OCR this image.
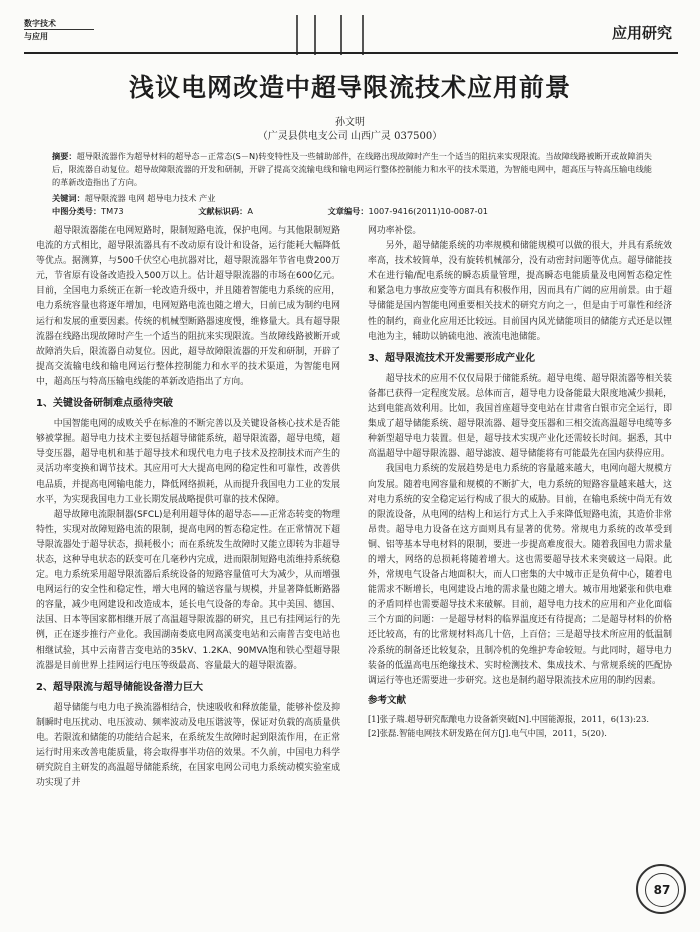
数字技术
与应用	应用研究
浅议电网改造中超导限流技术应用前景
孙文明
（广灵县供电支公司 山西广灵 037500）
摘要：超导限流器作为超导材料的超导态－正常态(S－N)转变特性及一些辅助部件，在线路出现故障时产生一个适当的阻抗来实现限流。当故障线路被断开或故障消失后，限流器自动复位。超导故障限流器的开发和研制，开辟了提高交流输电线和输电网运行整体控制能力和水平的技术渠道，为智能电网中，超高压与特高压输电线能的革新改造指出了方向。
关键词：超导限流器 电网 超导电力技术 产业
中图分类号：TM73	文献标识码：A	文章编号：1007-9416(2011)10-0087-01

超导限流器能在电网短路时，限制短路电流，保护电网。与其他限制短路电流的方式相比，超导限流器具有不改动原有设计和设备，运行能耗大幅降低等优点。据测算，与500千伏空心电抗器对比，超导限流器年节省电费200万元，节省原有设备改造投入500万以上。估计超导限流器的市场在600亿元。目前，全国电力系统正在新一轮改造升级中，并且随着智能电力系统的应用，电力系统容量也将逐年增加，电网短路电流也随之增大，日前已成为制约电网运行和发展的重要因素。传统的机械型断路器速度慢，维修量大。具有超导限流器在线路出现故障时产生一个适当的阻抗来实现限流。当故障线路被断开或故障消失后，限流器自动复位。因此，超导故障限流器的开发和研制，开辟了提高交流输电线和输电网运行整体控制能力和水平的技术渠道，为智能电网中，超高压与特高压输电线能的革新改造指出了方向。

1、关键设备研制难点亟待突破

中国智能电网的成败关乎在标准的不断完善以及关键设备核心技术是否能够被掌握。超导电力技术主要包括超导储能系统，超导限流器，超导电缆，超导变压器，超导电机和基于超导技术和现代电力电子技术及控制技术而产生的灵活功率变换和调节技术。其应用可大大提高电网的稳定性和可靠性，改善供电品质，并提高电网输电能力，降低网络损耗，从而提升我国电力工业的发展水平，为实现我国电力工业长期发展战略提供可靠的技术保障。

超导故障电流限制器(SFCL)是利用超导体的超导态——正常态转变的物理特性，实现对故障短路电流的限制，提高电网的暂态稳定性。在正常情况下超导限流器处于超导状态，损耗极小；而在系统发生故障时又能立即转为非超导状态，这种导电状态的跃变可在几毫秒内完成，进而限制短路电流维持系统稳定。电力系统采用超导限流器后系统设备的短路容量值可大为减少，从而增强电网运行的安全性和稳定性，增大电网的输送容量与规模，并显著降低断路器的容量，减少电网建设和改造成本，延长电气设备的寿命。其中美国、德国、法国、日本等国家都相继开展了高温超导限流器的研究，且已有挂网运行的先例，正在逐步推行产业化。我国湖南娄底电网高溪变电站和云南普吉变电站也相继试验，其中云南普吉变电站的35kV、1.2KA、90MVA饱和铁心型超导限流器是目前世界上挂网运行电压等级最高、容量最大的超导限流器。

2、超导限流与超导储能设备潜力巨大

超导储能与电力电子换流器相结合，快速吸收和释放能量，能够补偿及抑制瞬时电压扰动、电压波动、频率波动及电压谐波等，保证对负载的高质量供电。若限流和储能的功能结合起来，在系统发生故障时起到限流作用，在正常运行时用来改善电能质量，将会取得事半功倍的效果。不久前，中国电力科学研究院自主研发的高温超导储能系统，在国家电网公司电力系统动模实验室成功实现了并

网功率补偿。

另外，超导储能系统的功率规模和储能规模可以做的很大，并具有系统效率高，技术较简单，没有旋转机械部分，没有动密封问题等优点。超导储能技术在进行输/配电系统的瞬态质量管理，提高瞬态电能质量及电网暂态稳定性和紧急电力事故应变等方面具有积极作用，因而具有广阔的应用前景。由于超导储能是国内智能电网重要相关技术的研究方向之一，但是由于可靠性和经济性的制约，商业化应用还比较远。目前国内风光储能项目的储能方式还是以锂电池为主，辅助以钠硫电池、液流电池储能。

3、超导限流技术开发需要形成产业化

超导技术的应用不仅仅局限于储能系统。超导电缆、超导限流器等相关装备都已获得一定程度发展。总体而言，超导电力设备能最大限度地减少损耗，达到电能高效利用。比如，我国首座超导变电站在甘肃省白银市完全运行，即集成了超导储能系统、超导限流器、超导变压器和三相交流高温超导电缆等多种新型超导电力装置。但是，超导技术实现产业化还需较长时间。据悉，其中高温超导中超导限流器、超导滤波、超导储能将有可能最先在国内获得应用。

我国电力系统的发展趋势是电力系统的容量越来越大，电网向超大规模方向发展。随着电网容量和规模的不断扩大，电力系统的短路容量越来越大，这对电力系统的安全稳定运行构成了很大的威胁。目前，在输电系统中尚无有效的限流设备，从电网的结构上和运行方式上入手来降低短路电流，其造价非常昂贵。超导电力设备在这方面则具有显著的优势。常规电力系统的改革受到铜、铝等基本导电材料的限制，要进一步提高难度很大。随着我国电力需求量的增大，网络的总损耗将随着增大。这也需要超导技术来突破这一局限。此外，常规电气设备占地面积大，而人口密集的大中城市正是负荷中心，随着电能需求不断增长，电网建设占地的需求量也随之增大。城市用地紧张和供电难的矛盾同样也需要超导技术来破解。目前，超导电力技术的应用和产业化面临三个方面的问题：一是超导材料的临界温度还有待提高；二是超导材料的价格还比较高，有的比常规材料高几十倍，上百倍；三是超导技术所应用的低温制冷系统的制备还比较复杂，且制冷机的免维护寿命较短。与此同时，超导电力装备的低温高电压绝缘技术、实时检测技术、集成技术、与常规系统的匹配协调运行等也还需要进一步研究。这也是制约超导限流技术应用的制约因素。

参考文献

[1]张子瑞.超导研究酝酿电力设备新突破[N].中国能源报，2011，6(13):23.

[2]张磊.智能电网技术研发路在何方[J].电气中国，2011，5(20).

87
